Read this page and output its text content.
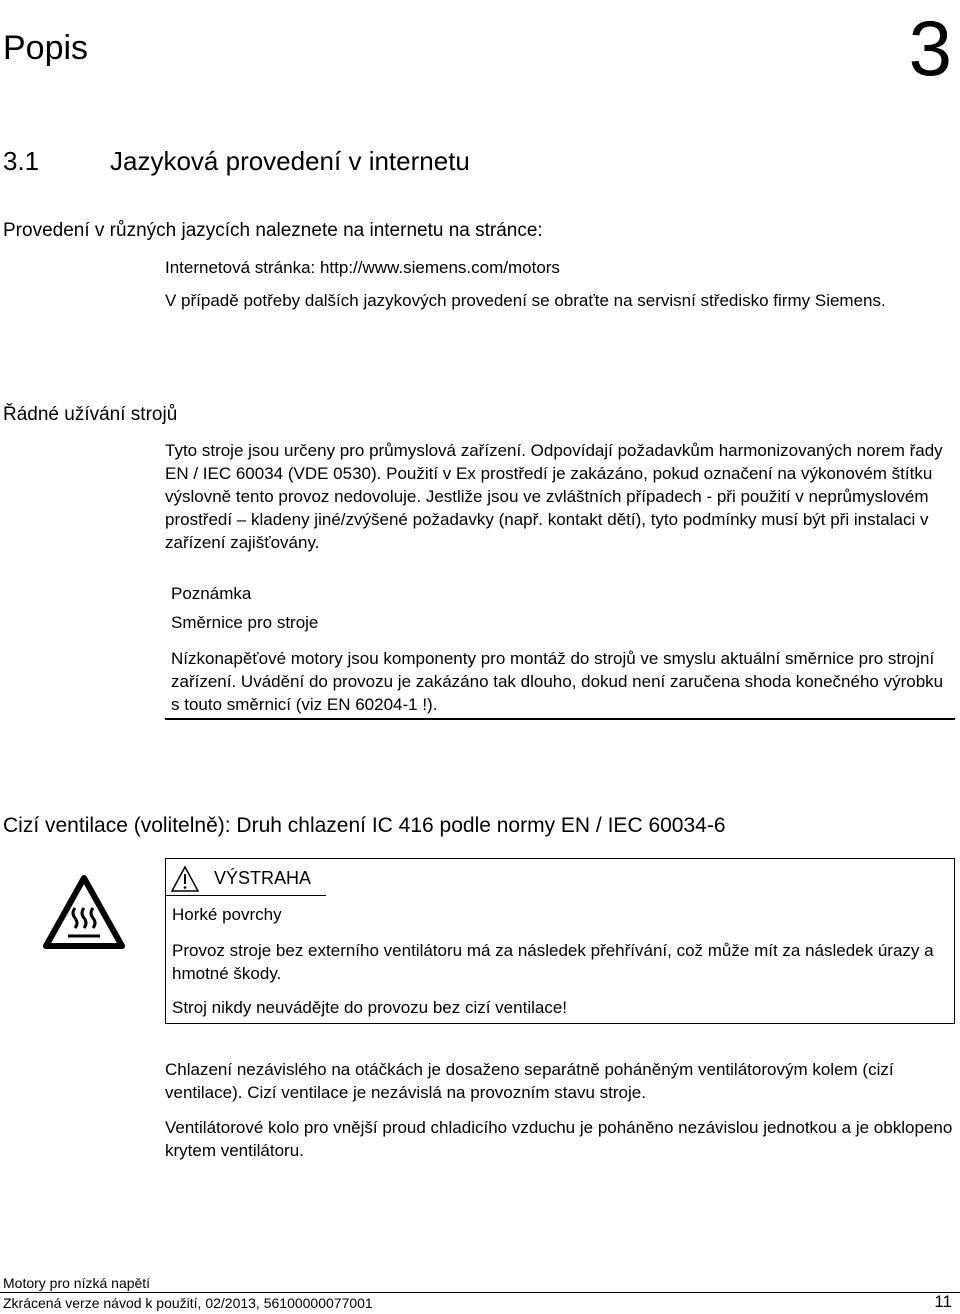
Popis	3
3.1	Jazyková provedení v internetu
Provedení v různých jazycích naleznete na internetu na stránce:
Internetová stránka: http://www.siemens.com/motors
V případě potřeby dalších jazykových provedení se obraťte na servisní středisko firmy Siemens.
Řádné užívání strojů
Tyto stroje jsou určeny pro průmyslová zařízení. Odpovídají požadavkům harmonizovaných norem řady EN / IEC 60034 (VDE 0530). Použití v Ex prostředí je zakázáno, pokud označení na výkonovém štítku výslovně tento provoz nedovoluje. Jestliže jsou ve zvláštních případech - při použití v neprůmyslovém prostředí – kladeny jiné/zvýšené požadavky (např. kontakt dětí), tyto podmínky musí být při instalaci v zařízení zajišťovány.
Poznámka
Směrnice pro stroje
Nízkonapěťové motory jsou komponenty pro montáž do strojů ve smyslu aktuální směrnice pro strojní zařízení. Uvádění do provozu je zakázáno tak dlouho, dokud není zaručena shoda konečného výrobku s touto směrnicí (viz EN 60204-1 !).
Cizí ventilace (volitelně): Druh chlazení IC 416 podle normy EN / IEC 60034-6
VÝSTRAHA
Horké povrchy
Provoz stroje bez externího ventilátoru má za následek přehřívání, což může mít za následek úrazy a hmotné škody.
Stroj nikdy neuvádějte do provozu bez cizí ventilace!
Chlazení nezávislého na otáčkách je dosaženo separátně poháněným ventilátorovým kolem (cizí ventilace). Cizí ventilace je nezávislá na provozním stavu stroje.
Ventilátorové kolo pro vnější proud chladicího vzduchu je poháněno nezávislou jednotkou a je obklopeno krytem ventilátoru.
Motory pro nízká napětí
Zkrácená verze návod k použití, 02/2013, 56100000077001	11
